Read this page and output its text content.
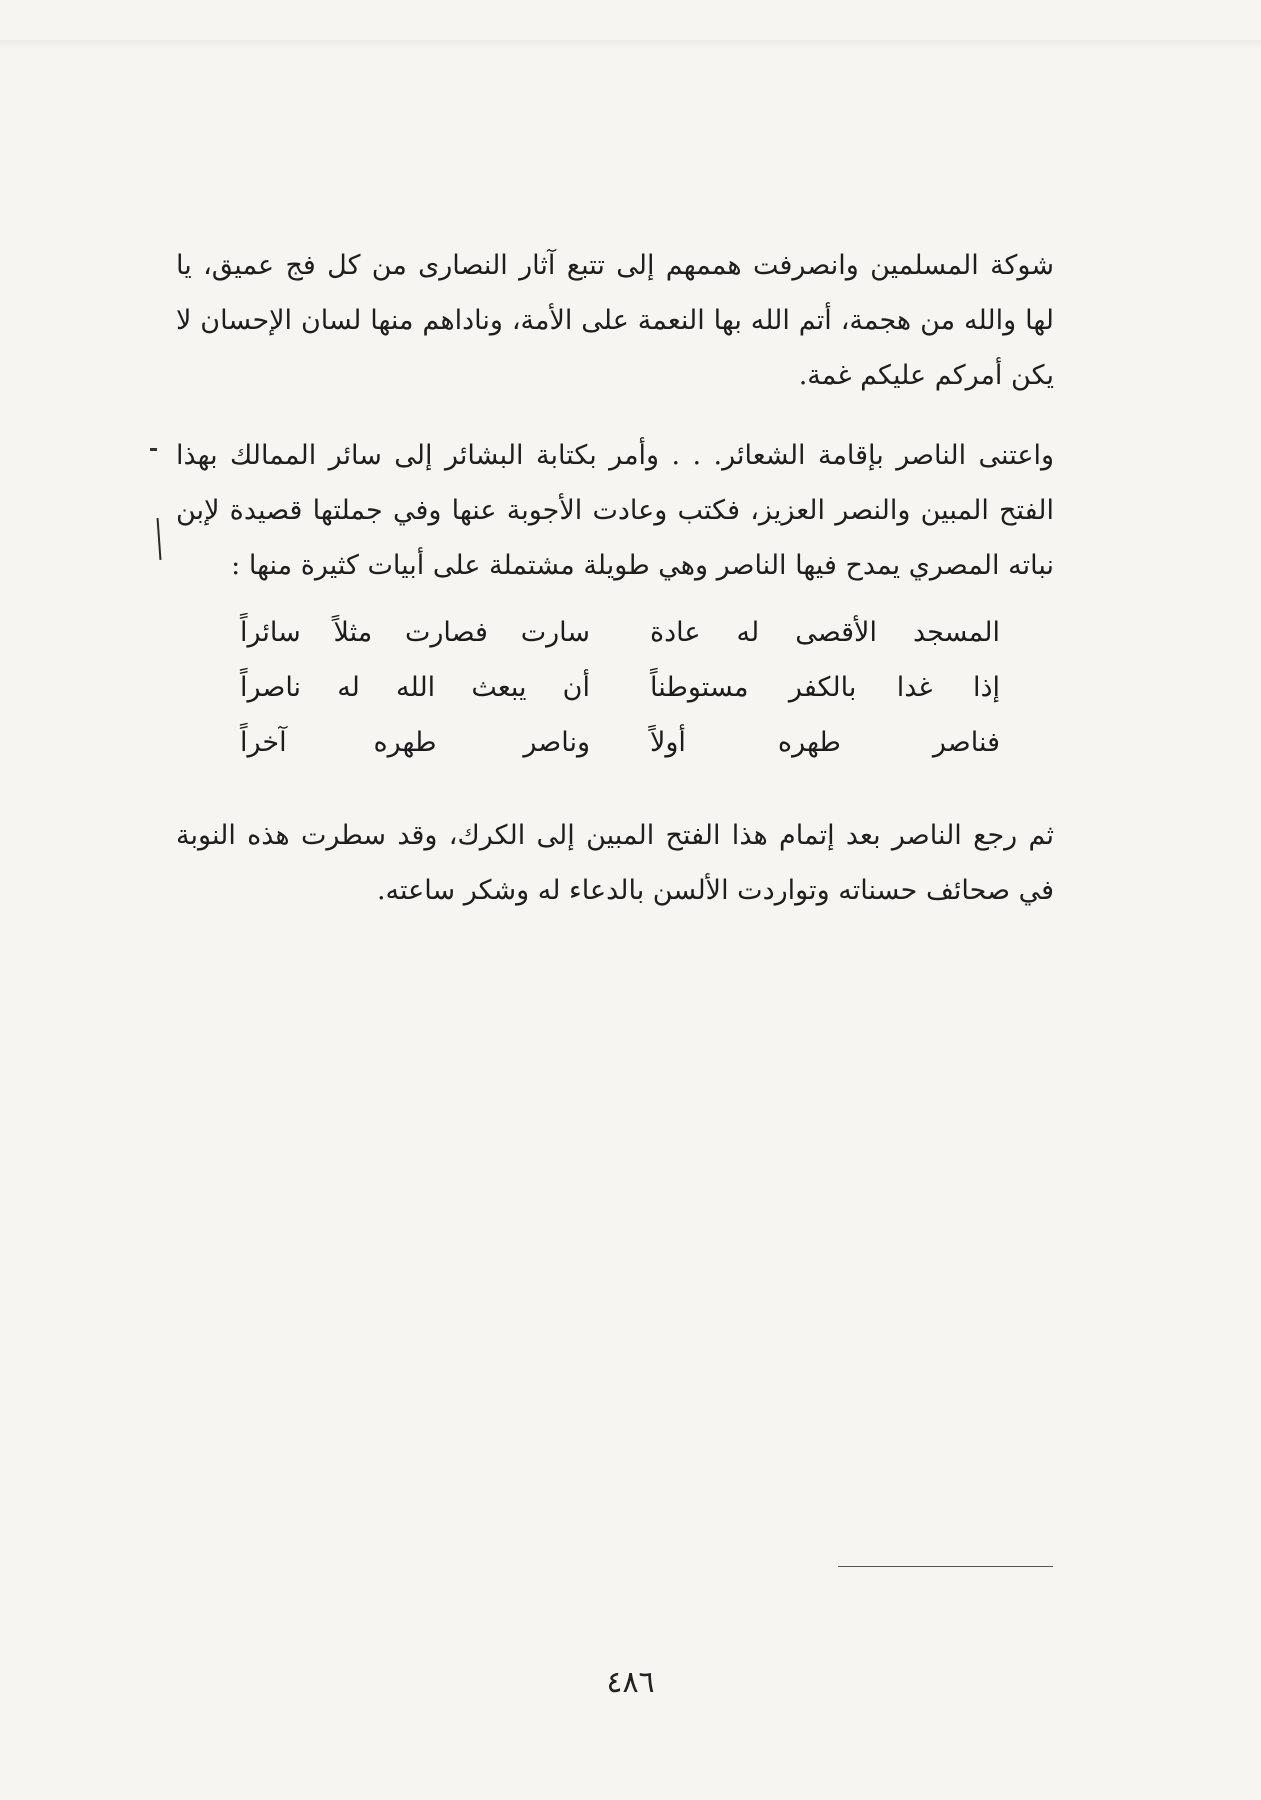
شوكة المسلمين وانصرفت هممهم إلى تتبع آثار النصارى من كل فج عميق، يا لها والله من هجمة، أتم الله بها النعمة على الأمة، وناداهم منها لسان الإحسان لا يكن أمركم عليكم غمة.

واعتنى الناصر بإقامة الشعائر. . . وأمر بكتابة البشائر إلى سائر الممالك بهذا الفتح المبين والنصر العزيز، فكتب وعادت الأجوبة عنها وفي جملتها قصيدة لإبن نباته المصري يمدح فيها الناصر وهي طويلة مشتملة على أبيات كثيرة منها :

المسجد الأقصى له عادة
سارت فصارت مثلاً سائراً
إذا غدا بالكفر مستوطناً
أن يبعث الله له ناصراً
فناصر طهره أولاً
وناصر طهره آخراً

ثم رجع الناصر بعد إتمام هذا الفتح المبين إلى الكرك، وقد سطرت هذه النوبة في صحائف حسناته وتواردت الألسن بالدعاء له وشكر ساعته.

٤٨٦
